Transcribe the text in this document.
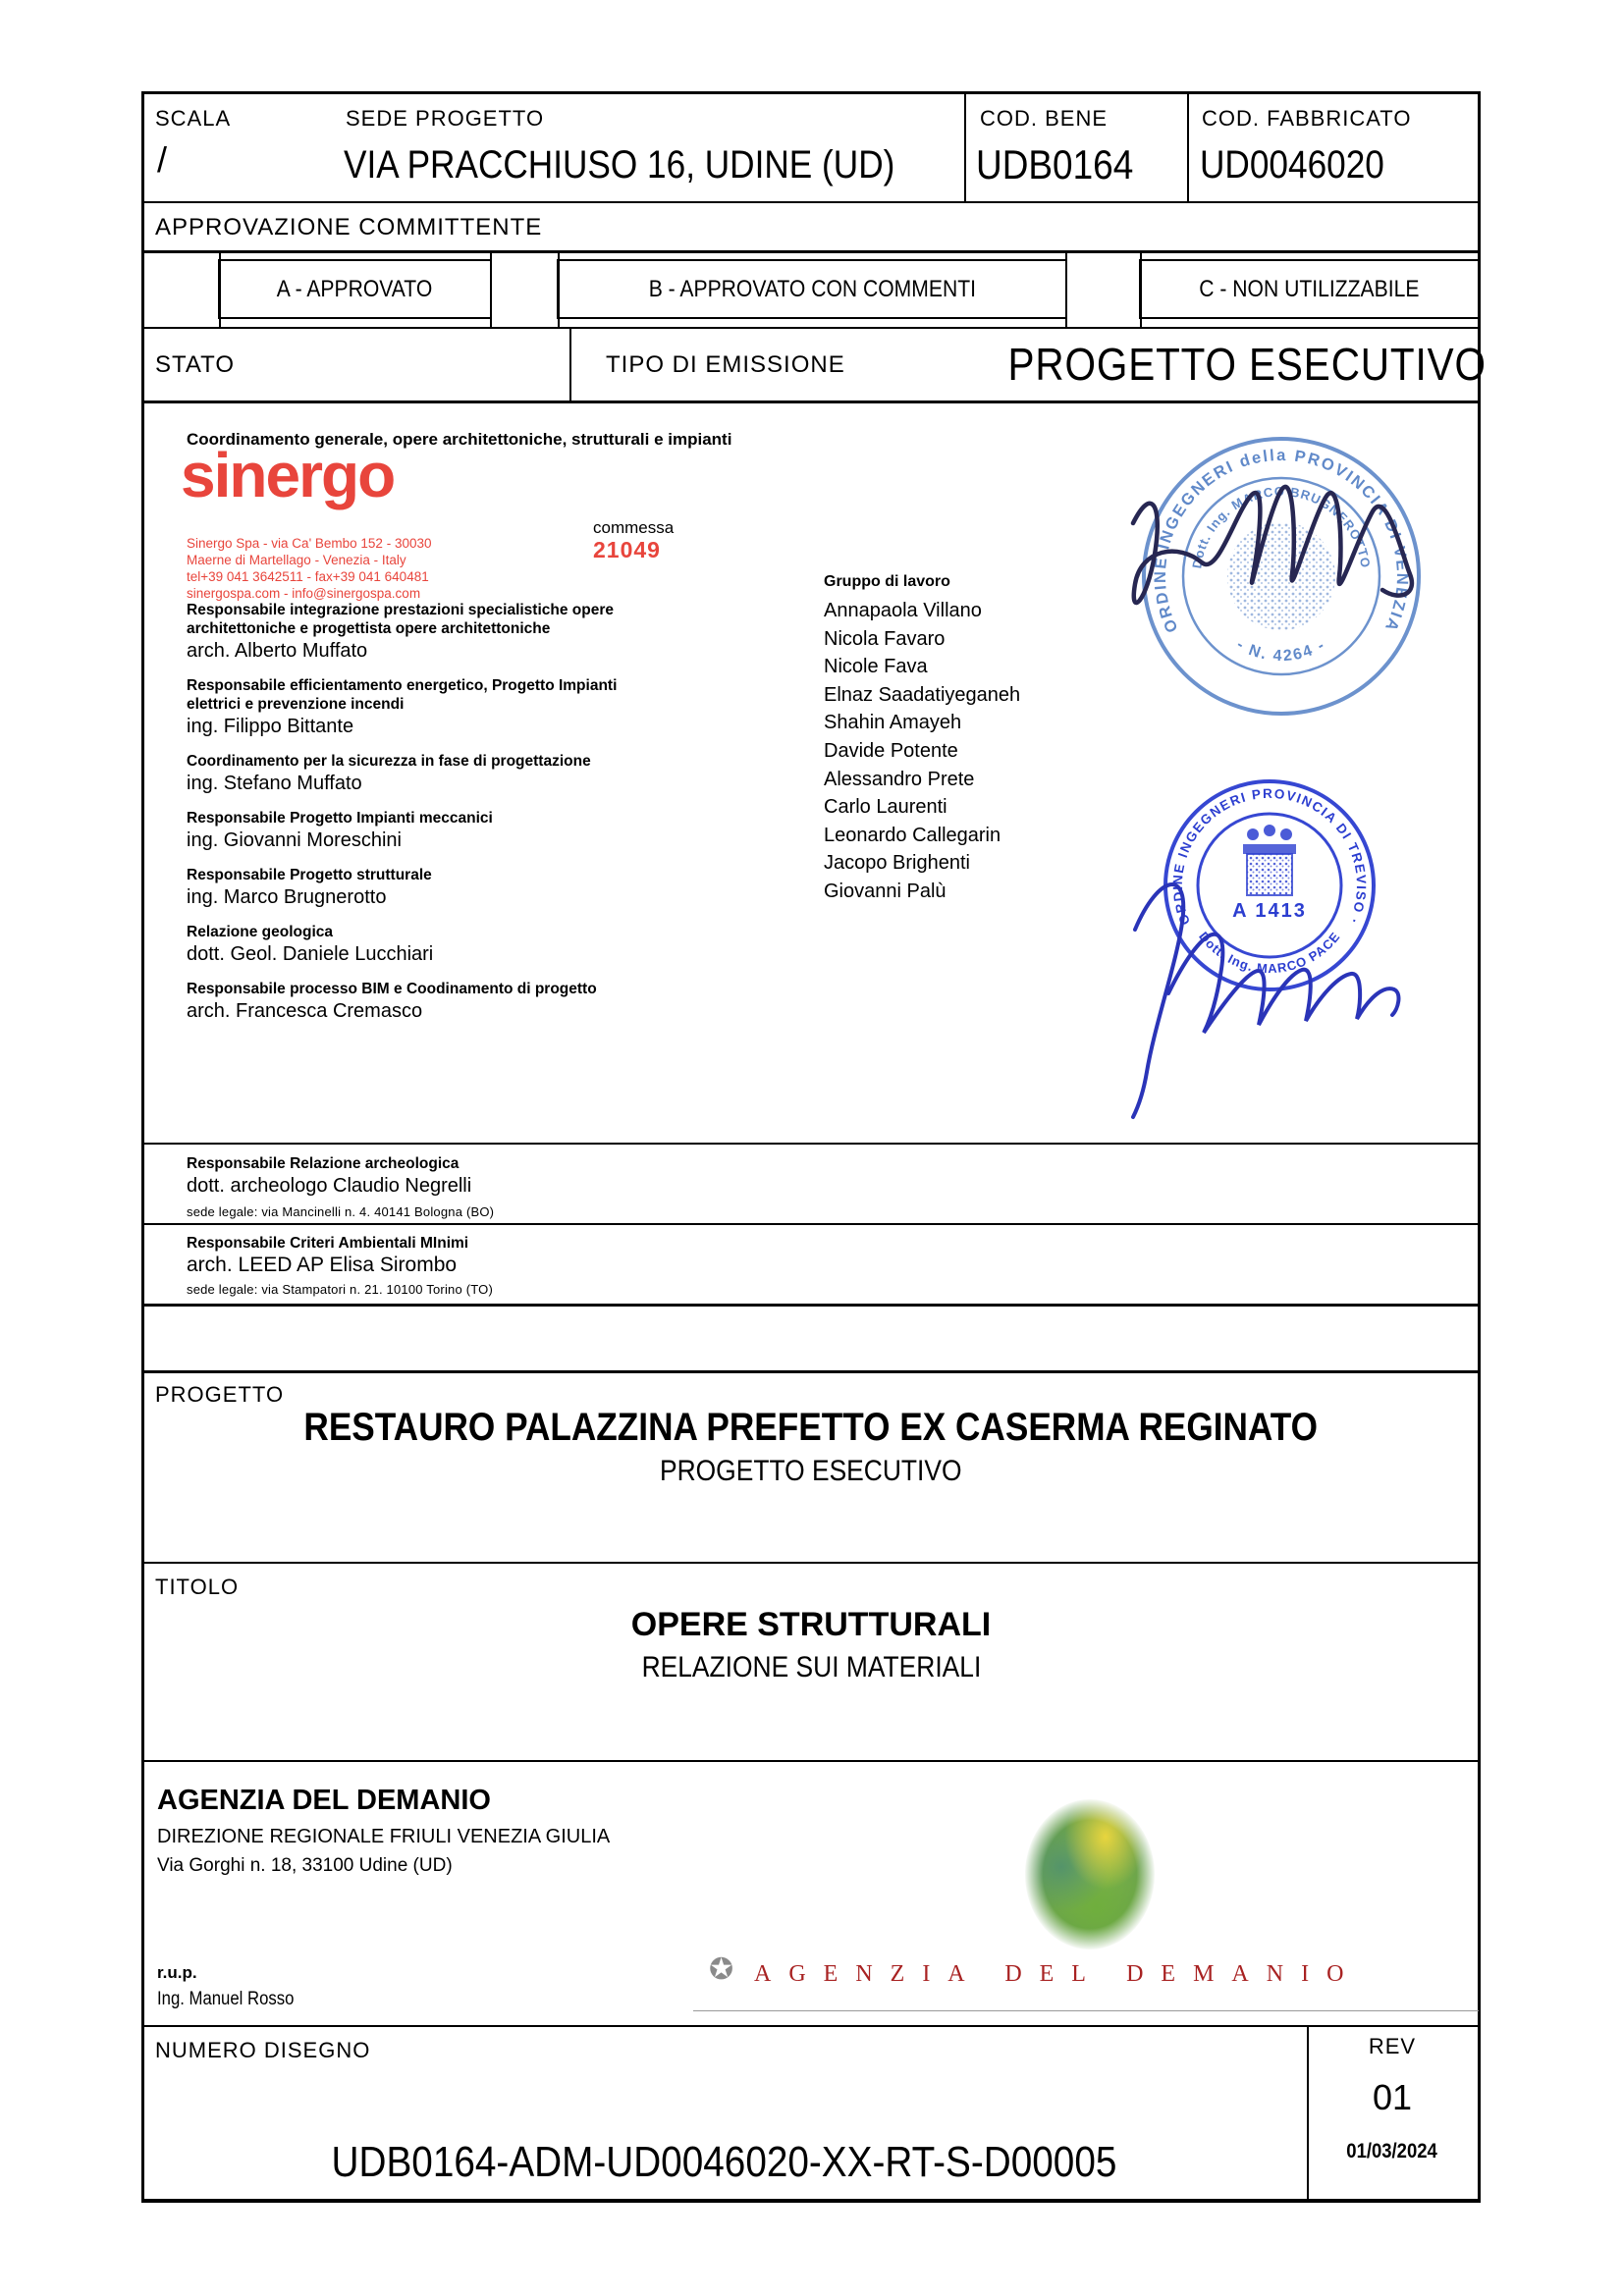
SCALA
/
SEDE PROGETTO
VIA PRACCHIUSO 16, UDINE (UD)
COD. BENE
UDB0164
COD. FABBRICATO
UD0046020
APPROVAZIONE COMMITTENTE
A - APPROVATO	B - APPROVATO CON COMMENTI	C - NON UTILIZZABILE
STATO	TIPO DI EMISSIONE	PROGETTO ESECUTIVO
Coordinamento generale, opere architettoniche, strutturali e impianti
sinergo
Sinergo Spa - via Ca' Bembo 152 - 30030
Maerne di Martellago - Venezia - Italy
tel+39 041 3642511 - fax+39 041 640481
sinergospa.com - info@sinergospa.com
commessa
21049
Responsabile integrazione prestazioni specialistiche opere architettoniche e progettista opere architettoniche
arch. Alberto Muffato
Responsabile efficientamento energetico, Progetto Impianti elettrici e prevenzione incendi
ing. Filippo Bittante
Coordinamento per la sicurezza in fase di progettazione
ing. Stefano Muffato
Responsabile Progetto Impianti meccanici
ing. Giovanni Moreschini
Responsabile Progetto strutturale
ing. Marco Brugnerotto
Relazione geologica
dott. Geol. Daniele Lucchiari
Responsabile processo BIM e Coodinamento di progetto
arch. Francesca Cremasco
Gruppo di lavoro
Annapaola Villano
Nicola Favaro
Nicole Fava
Elnaz Saadatiyeganeh
Shahin Amayeh
Davide Potente
Alessandro Prete
Carlo Laurenti
Leonardo Callegarin
Jacopo Brighenti
Giovanni Palù
ORDINE INGEGNERI della PROVINCIA DI VENEZIA
Dott. Ing. MARCO BRUGNEROTTO
- N. 4264 -
ORDINE INGEGNERI PROVINCIA DI TREVISO ·
Dott. Ing. MARCO PACE
A 1413
Responsabile Relazione archeologica
dott. archeologo Claudio Negrelli
sede legale: via Mancinelli n. 4. 40141 Bologna (BO)
Responsabile Criteri Ambientali MInimi
arch. LEED AP Elisa Sirombo
sede legale: via Stampatori n. 21. 10100 Torino (TO)
PROGETTO
RESTAURO PALAZZINA PREFETTO EX CASERMA REGINATO
PROGETTO ESECUTIVO
TITOLO
OPERE STRUTTURALI
RELAZIONE SUI MATERIALI
AGENZIA DEL DEMANIO
DIREZIONE REGIONALE FRIULI VENEZIA GIULIA
Via Gorghi n. 18, 33100 Udine (UD)
r.u.p.
Ing. Manuel Rosso
✪ AGENZIA DEL DEMANIO
NUMERO DISEGNO
UDB0164-ADM-UD0046020-XX-RT-S-D00005
REV
01
01/03/2024
